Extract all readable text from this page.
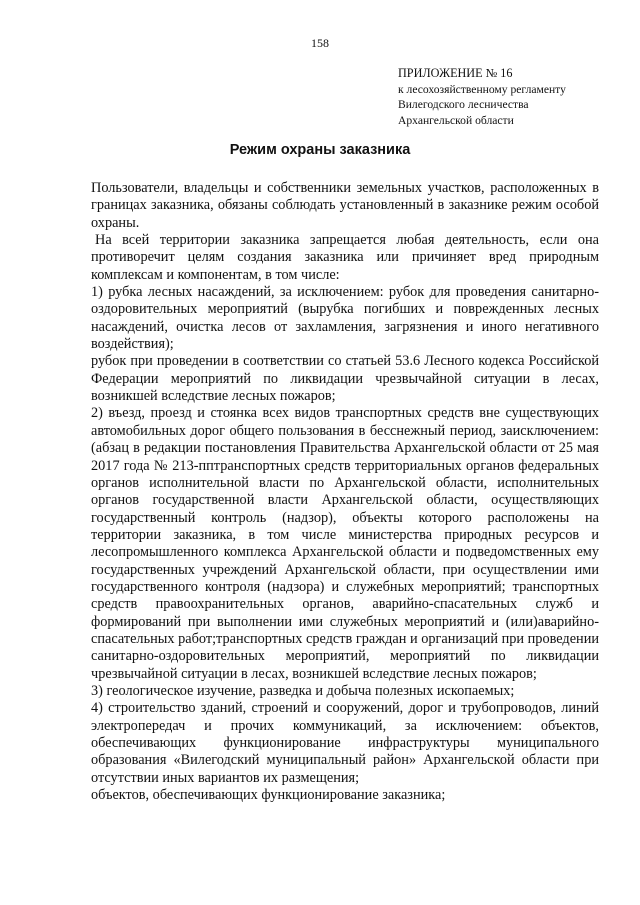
158
ПРИЛОЖЕНИЕ № 16
к лесохозяйственному регламенту
Вилегодского лесничества
Архангельской области
Режим охраны заказника

Пользователи, владельцы и собственники земельных участков, расположенных в границах заказника, обязаны соблюдать установленный в заказнике режим особой охраны.

На всей территории заказника запрещается любая деятельность, если она противоречит целям создания заказника или причиняет вред природным комплексам и компонентам, в том числе:

1) рубка лесных насаждений, за исключением: рубок для проведения санитарно-оздоровительных мероприятий (вырубка погибших и поврежденных лесных насаждений, очистка лесов от захламления, загрязнения и иного негативного воздействия);

рубок при проведении в соответствии со статьей 53.6 Лесного кодекса Российской Федерации мероприятий по ликвидации чрезвычайной ситуации в лесах, возникшей вследствие лесных пожаров;

2) въезд, проезд и стоянка всех видов транспортных средств вне существующих автомобильных дорог общего пользования в бесснежный период, заисключением:(абзац в редакции постановления Правительства Архангельской области от 25 мая 2017 года № 213-пптранспортных средств территориальных органов федеральных органов исполнительной власти по Архангельской области, исполнительных органов государственной власти Архангельской области, осуществляющих государственный контроль (надзор), объекты которого расположены на территории заказника, в том числе министерства природных ресурсов и лесопромышленного комплекса Архангельской области и подведомственных ему государственных учреждений Архангельской области, при осуществлении ими государственного контроля (надзора) и служебных мероприятий; транспортных средств правоохранительных органов, аварийно-спасательных служб и формирований при выполнении ими служебных мероприятий и (или)аварийно-спасательных работ;транспортных средств граждан и организаций при проведении санитарно-оздоровительных мероприятий, мероприятий по ликвидации чрезвычайной ситуации в лесах, возникшей вследствие лесных пожаров;

3) геологическое изучение, разведка и добыча полезных ископаемых;

4) строительство зданий, строений и сооружений, дорог и трубопроводов, линий электропередач и прочих коммуникаций, за исключением: объектов, обеспечивающих функционирование инфраструктуры муниципального образования «Вилегодский муниципальный район» Архангельской области при отсутствии иных вариантов их размещения;

объектов, обеспечивающих функционирование заказника;
